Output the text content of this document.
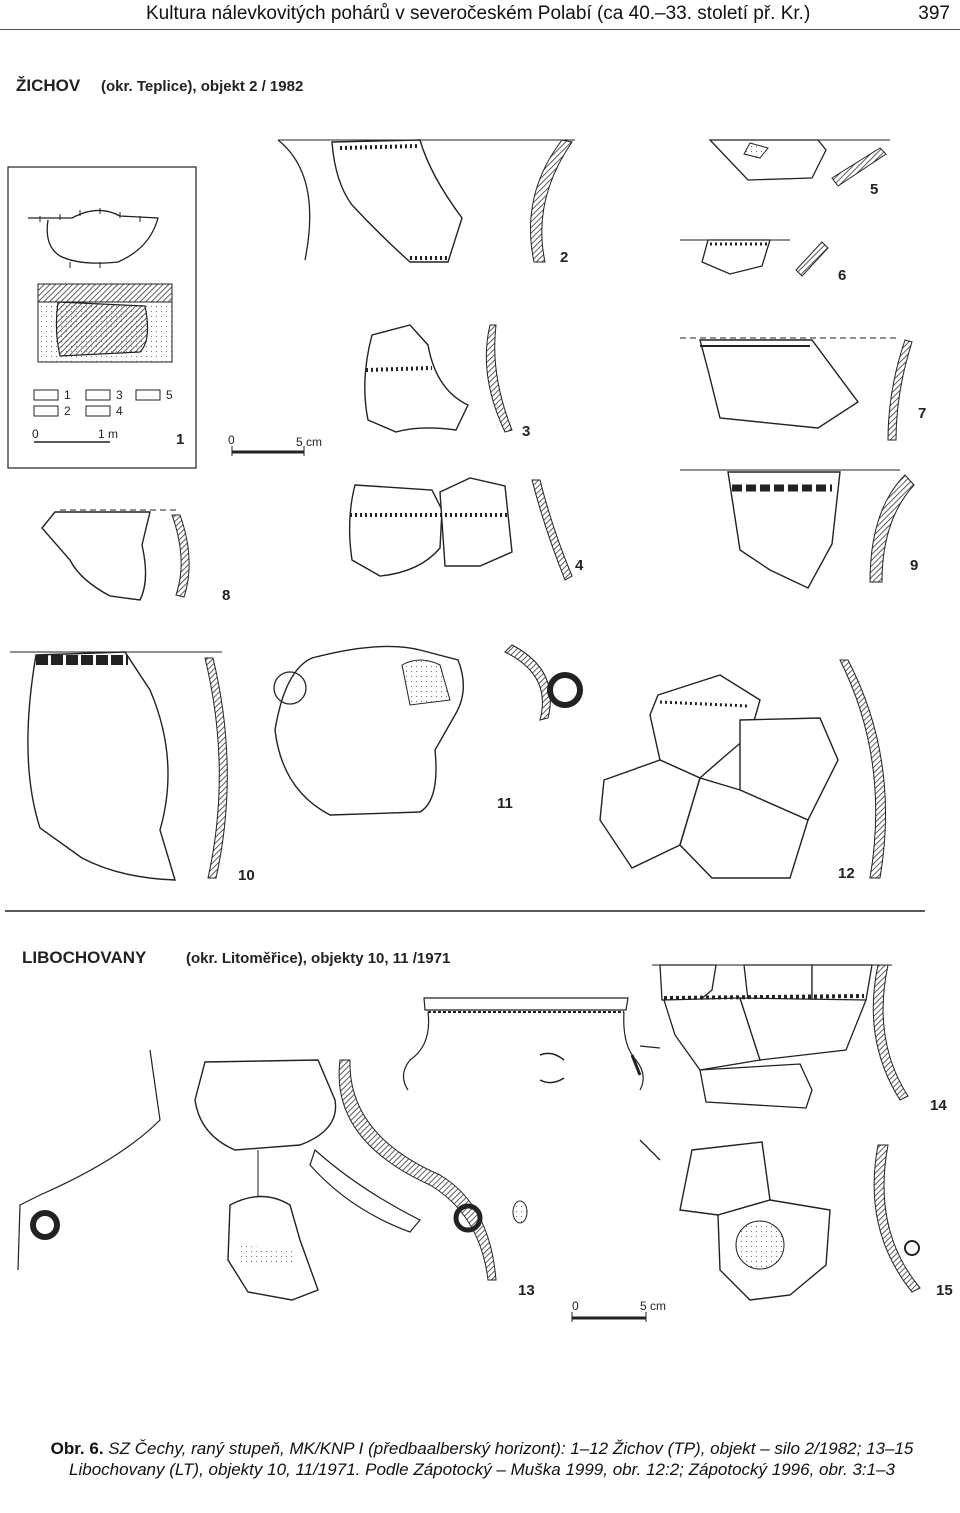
Kultura nálevkovitých pohárů v severočeském Polabí (ca 40.–33. století př. Kr.)	397
ŽICHOV (okr. Teplice), objekt 2 / 1982
1
2
3
4
5
0	1 m	1	0	5 cm
2
3
4
5
6
7
8
9
10
11
12
LIBOCHOVANY	(okr. Litoměřice), objekty 10, 11 /1971
13
14
15
0	5 cm
Obr. 6. SZ Čechy, raný stupeň, MK/KNP I (předbaalberský horizont): 1–12 Žichov (TP), objekt – silo 2/1982; 13–15 Libochovany (LT), objekty 10, 11/1971. Podle Zápotocký – Muška 1999, obr. 12:2; Zápotocký 1996, obr. 3:1–3
